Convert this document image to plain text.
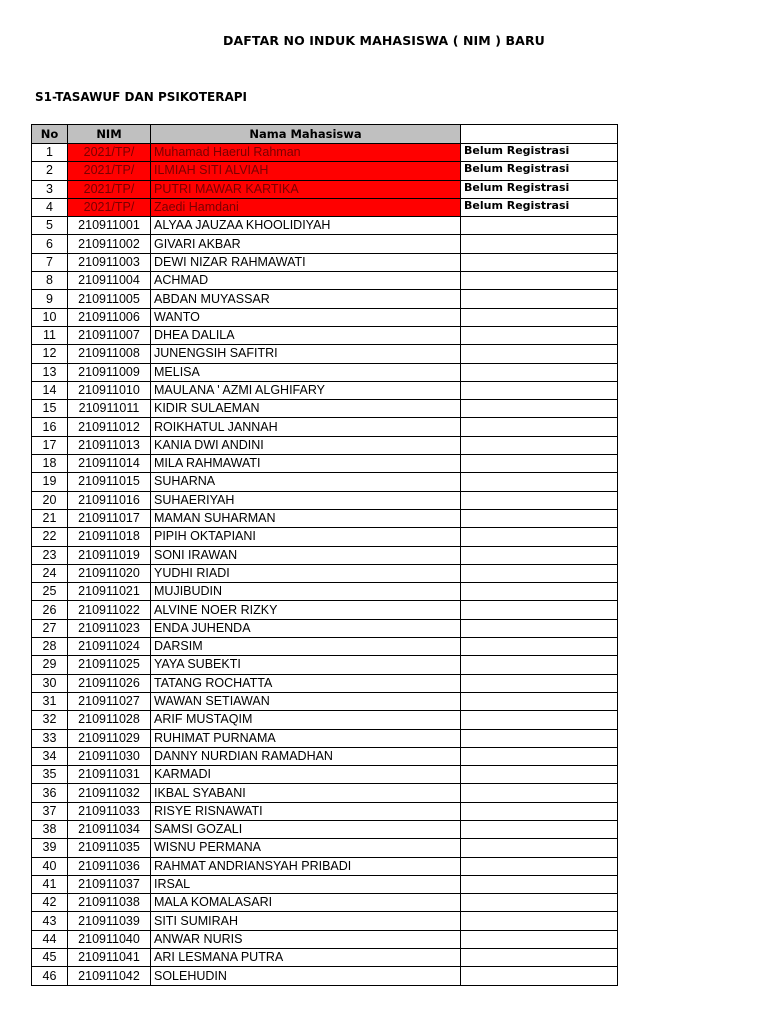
DAFTAR NO INDUK MAHASISWA ( NIM ) BARU

S1-TASAWUF DAN PSIKOTERAPI
No	NIM	Nama Mahasiswa	
1	2021/TP/	Muhamad Haerul Rahman	Belum Registrasi
2	2021/TP/	ILMIAH SITI ALVIAH	Belum Registrasi
3	2021/TP/	PUTRI MAWAR KARTIKA	Belum Registrasi
4	2021/TP/	Zaedi Hamdani	Belum Registrasi
5	210911001	ALYAA JAUZAA KHOOLIDIYAH	
6	210911002	GIVARI AKBAR	
7	210911003	DEWI NIZAR RAHMAWATI	
8	210911004	ACHMAD	
9	210911005	ABDAN MUYASSAR	
10	210911006	WANTO	
11	210911007	DHEA DALILA	
12	210911008	JUNENGSIH SAFITRI	
13	210911009	MELISA	
14	210911010	MAULANA ' AZMI ALGHIFARY	
15	210911011	KIDIR SULAEMAN	
16	210911012	ROIKHATUL JANNAH	
17	210911013	KANIA DWI ANDINI	
18	210911014	MILA RAHMAWATI	
19	210911015	SUHARNA	
20	210911016	SUHAERIYAH	
21	210911017	MAMAN SUHARMAN	
22	210911018	PIPIH OKTAPIANI	
23	210911019	SONI IRAWAN	
24	210911020	YUDHI RIADI	
25	210911021	MUJIBUDIN	
26	210911022	ALVINE NOER RIZKY	
27	210911023	ENDA JUHENDA	
28	210911024	DARSIM	
29	210911025	YAYA SUBEKTI	
30	210911026	TATANG ROCHATTA	
31	210911027	WAWAN SETIAWAN	
32	210911028	ARIF MUSTAQIM	
33	210911029	RUHIMAT PURNAMA	
34	210911030	DANNY NURDIAN RAMADHAN	
35	210911031	KARMADI	
36	210911032	IKBAL SYABANI	
37	210911033	RISYE RISNAWATI	
38	210911034	SAMSI GOZALI	
39	210911035	WISNU PERMANA	
40	210911036	RAHMAT ANDRIANSYAH PRIBADI	
41	210911037	IRSAL	
42	210911038	MALA KOMALASARI	
43	210911039	SITI SUMIRAH	
44	210911040	ANWAR NURIS	
45	210911041	ARI LESMANA PUTRA	
46	210911042	SOLEHUDIN	
